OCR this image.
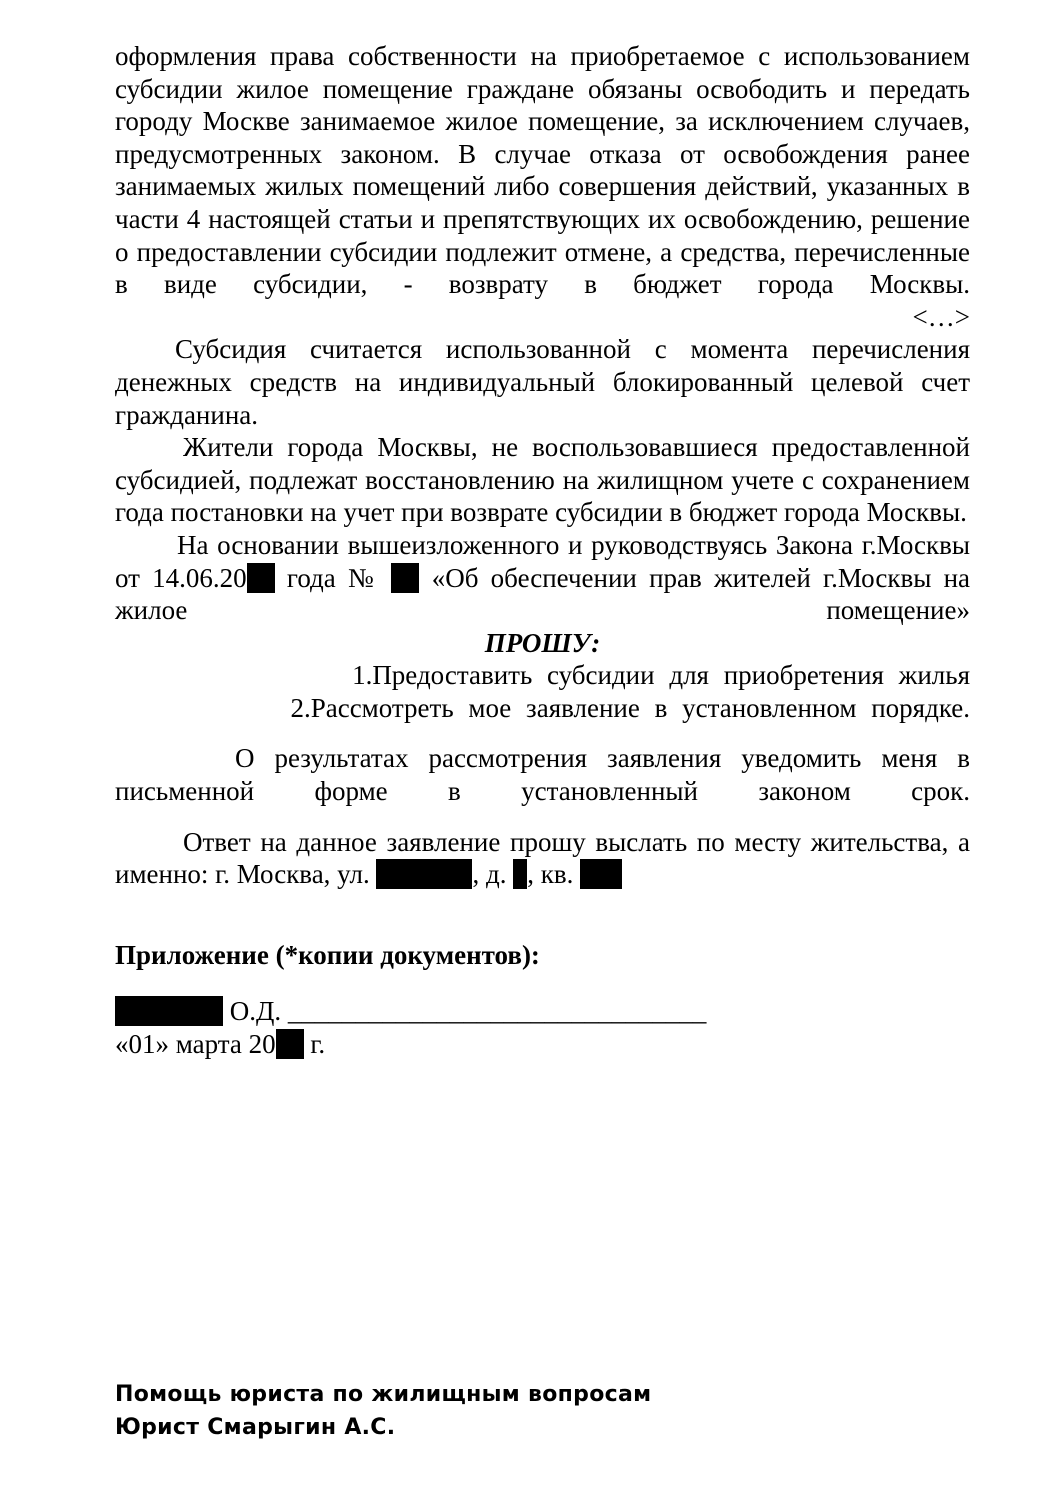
оформления права собственности на приобретаемое с использованием субсидии жилое помещение граждане обязаны освободить и передать городу Москве занимаемое жилое помещение, за исключением случаев, предусмотренных законом. В случае отказа от освобождения ранее занимаемых жилых помещений либо совершения действий, указанных в части 4 настоящей статьи и препятствующих их освобождению, решение о предоставлении субсидии подлежит отмене, а средства, перечисленные в виде субсидии, - возврату в бюджет города Москвы.

<…>

Субсидия считается использованной с момента перечисления денежных средств на индивидуальный блокированный целевой счет гражданина.

Жители города Москвы, не воспользовавшиеся предоставленной субсидией, подлежат восстановлению на жилищном учете с сохранением года постановки на учет при возврате субсидии в бюджет города Москвы.

На основании вышеизложенного и руководствуясь Закона г.Москвы от 14.06.20 года №  «Об обеспечении прав жителей г.Москвы на жилое помещение»

ПРОШУ:

1.Предоставить субсидии для приобретения жилья

2.Рассмотреть мое заявление в установленном порядке.

О результатах рассмотрения заявления уведомить меня в письменной форме в установленный законом срок.

Ответ на данное заявление прошу выслать по месту жительства, а именно: г. Москва, ул.	, д. , кв.

Приложение (*копии документов):

О.Д. _______________________________

«01» марта 20 г.

Помощь юриста по жилищным вопросам
Юрист Смарыгин А.С.
